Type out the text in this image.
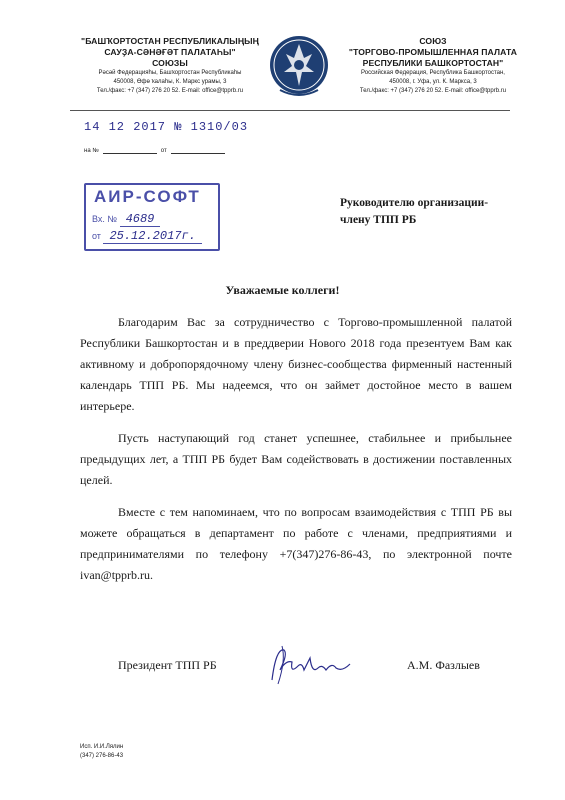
"БАШҠОРТОСТАН РЕСПУБЛИКАЛЫҢЫҢ
САУҘА-СӘНӘҒӘТ ПАЛАТАҺЫ"
СОЮЗЫ
Рәсәй Федерацияһы, Башҡортостан Республикаһы
450008, Өфө ҡалаһы, К. Маркс урамы, 3
Тел./факс: +7 (347) 276 20 52. E-mail: office@tpprb.ru
СОЮЗ
"ТОРГОВО-ПРОМЫШЛЕННАЯ ПАЛАТА
РЕСПУБЛИКИ БАШКОРТОСТАН"
Российская Федерация, Республика Башкортостан,
450008, г. Уфа, ул. К. Маркса, 3
Тел./факс: +7 (347) 276 20 52. E-mail: office@tpprb.ru
14 12 2017 № 1310/03
на №	от
АИР-СОФТ
Вх. № 4689
от 25.12.2017г.
Руководителю организации-
члену ТПП РБ
Уважаемые коллеги!
Благодарим Вас за сотрудничество с Торгово-промышленной палатой Республики Башкортостан и в преддверии Нового 2018 года презентуем Вам как активному и добропорядочному члену бизнес-сообщества фирменный настенный календарь ТПП РБ. Мы надеемся, что он займет достойное место в вашем интерьере.
Пусть наступающий год станет успешнее, стабильнее и прибыльнее предыдущих лет, а ТПП РБ будет Вам содействовать в достижении поставленных целей.
Вместе с тем напоминаем, что по вопросам взаимодействия с ТПП РБ вы можете обращаться в департамент по работе с членами, предприятиями и предпринимателями по телефону +7(347)276-86-43, по электронной почте ivan@tpprb.ru.
Президент ТПП РБ	А.М. Фазлыев
Исп. И.И.Лялин
(347) 276-86-43
